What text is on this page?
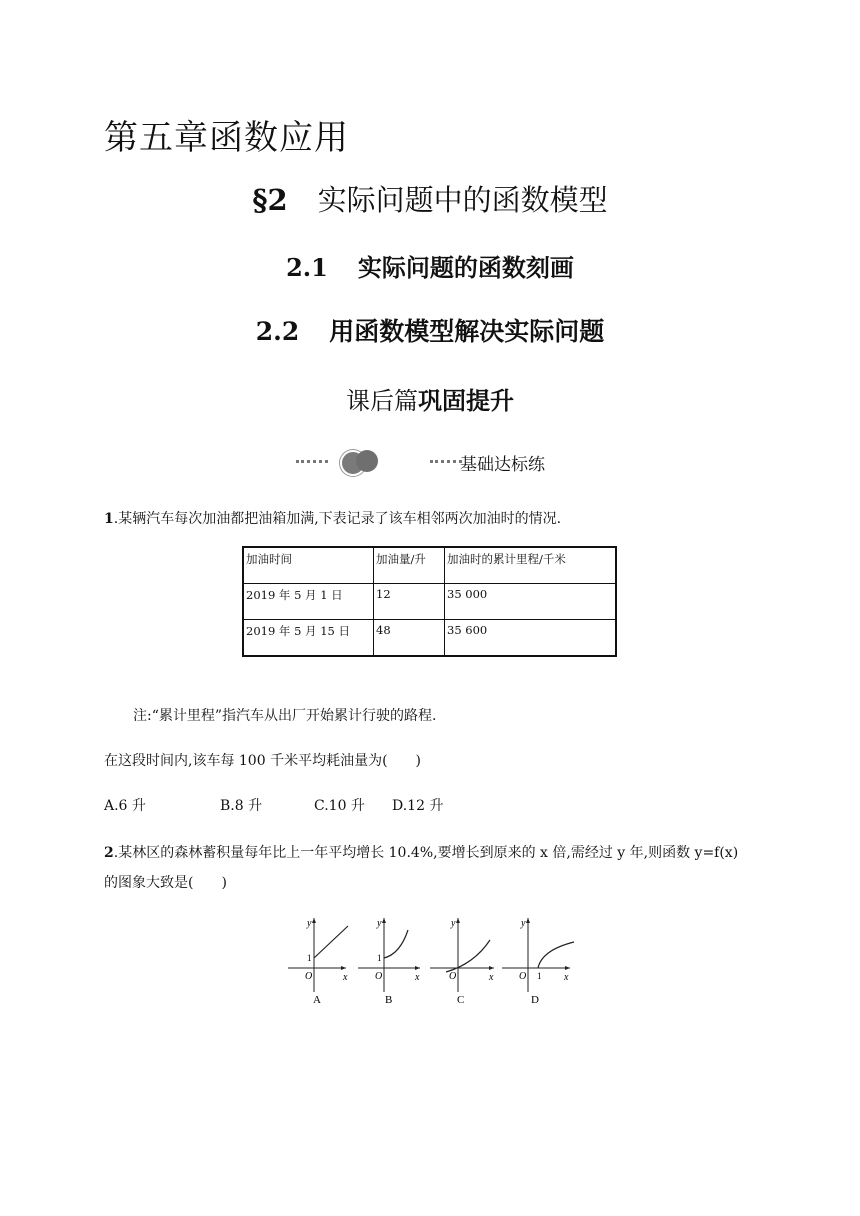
第五章函数应用
§2 实际问题中的函数模型
2.1 实际问题的函数刻画
2.2 用函数模型解决实际问题
课后篇巩固提升
基础达标练
1.某辆汽车每次加油都把油箱加满,下表记录了该车相邻两次加油时的情况.
加油时间	加油量/升	加油时的累计里程/千米
2019 年 5 月 1 日	12	35 000
2019 年 5 月 15 日	48	35 600
注:“累计里程”指汽车从出厂开始累计行驶的路程.
在这段时间内,该车每 100 千米平均耗油量为(　　)
A.6 升	B.8 升	C.10 升 D.12 升
2.某林区的森林蓄积量每年比上一年平均增长 10.4%,要增长到原来的 x 倍,需经过 y 年,则函数 y=f(x)
的图象大致是(　　)
y
x
O
1
A
y
x
O
1
B
y
x
O
C
y
x
O 1
D
